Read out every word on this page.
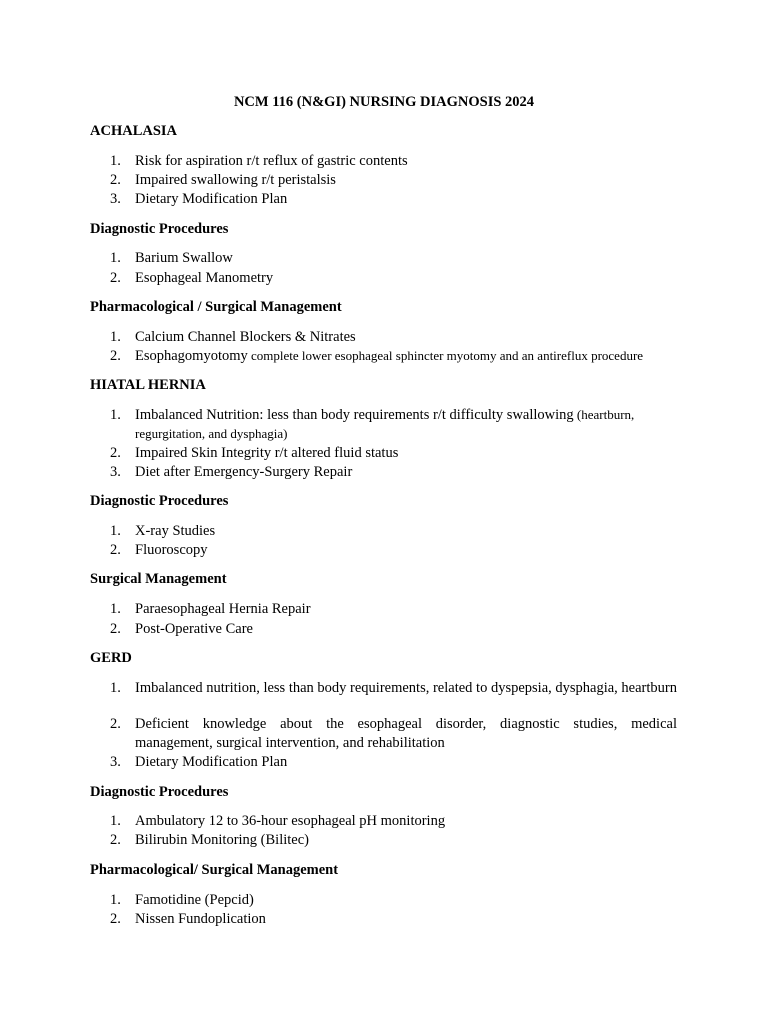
NCM 116 (N&GI) NURSING DIAGNOSIS 2024

ACHALASIA

1. Risk for aspiration r/t reflux of gastric contents
2. Impaired swallowing r/t peristalsis
3. Dietary Modification Plan

Diagnostic Procedures

1. Barium Swallow
2. Esophageal Manometry

Pharmacological / Surgical Management

1. Calcium Channel Blockers & Nitrates
2. Esophagomyotomy complete lower esophageal sphincter myotomy and an antireflux procedure

HIATAL HERNIA

1. Imbalanced Nutrition: less than body requirements r/t difficulty swallowing (heartburn, regurgitation, and dysphagia)
2. Impaired Skin Integrity r/t altered fluid status
3. Diet after Emergency-Surgery Repair

Diagnostic Procedures

1. X-ray Studies
2. Fluoroscopy

Surgical Management

1. Paraesophageal Hernia Repair
2. Post-Operative Care

GERD

1. Imbalanced nutrition, less than body requirements, related to dyspepsia, dysphagia, heartburn
2. Deficient knowledge about the esophageal disorder, diagnostic studies, medical management, surgical intervention, and rehabilitation
3. Dietary Modification Plan

Diagnostic Procedures

1. Ambulatory 12 to 36-hour esophageal pH monitoring
2. Bilirubin Monitoring (Bilitec)

Pharmacological/ Surgical Management

1. Famotidine (Pepcid)
2. Nissen Fundoplication
